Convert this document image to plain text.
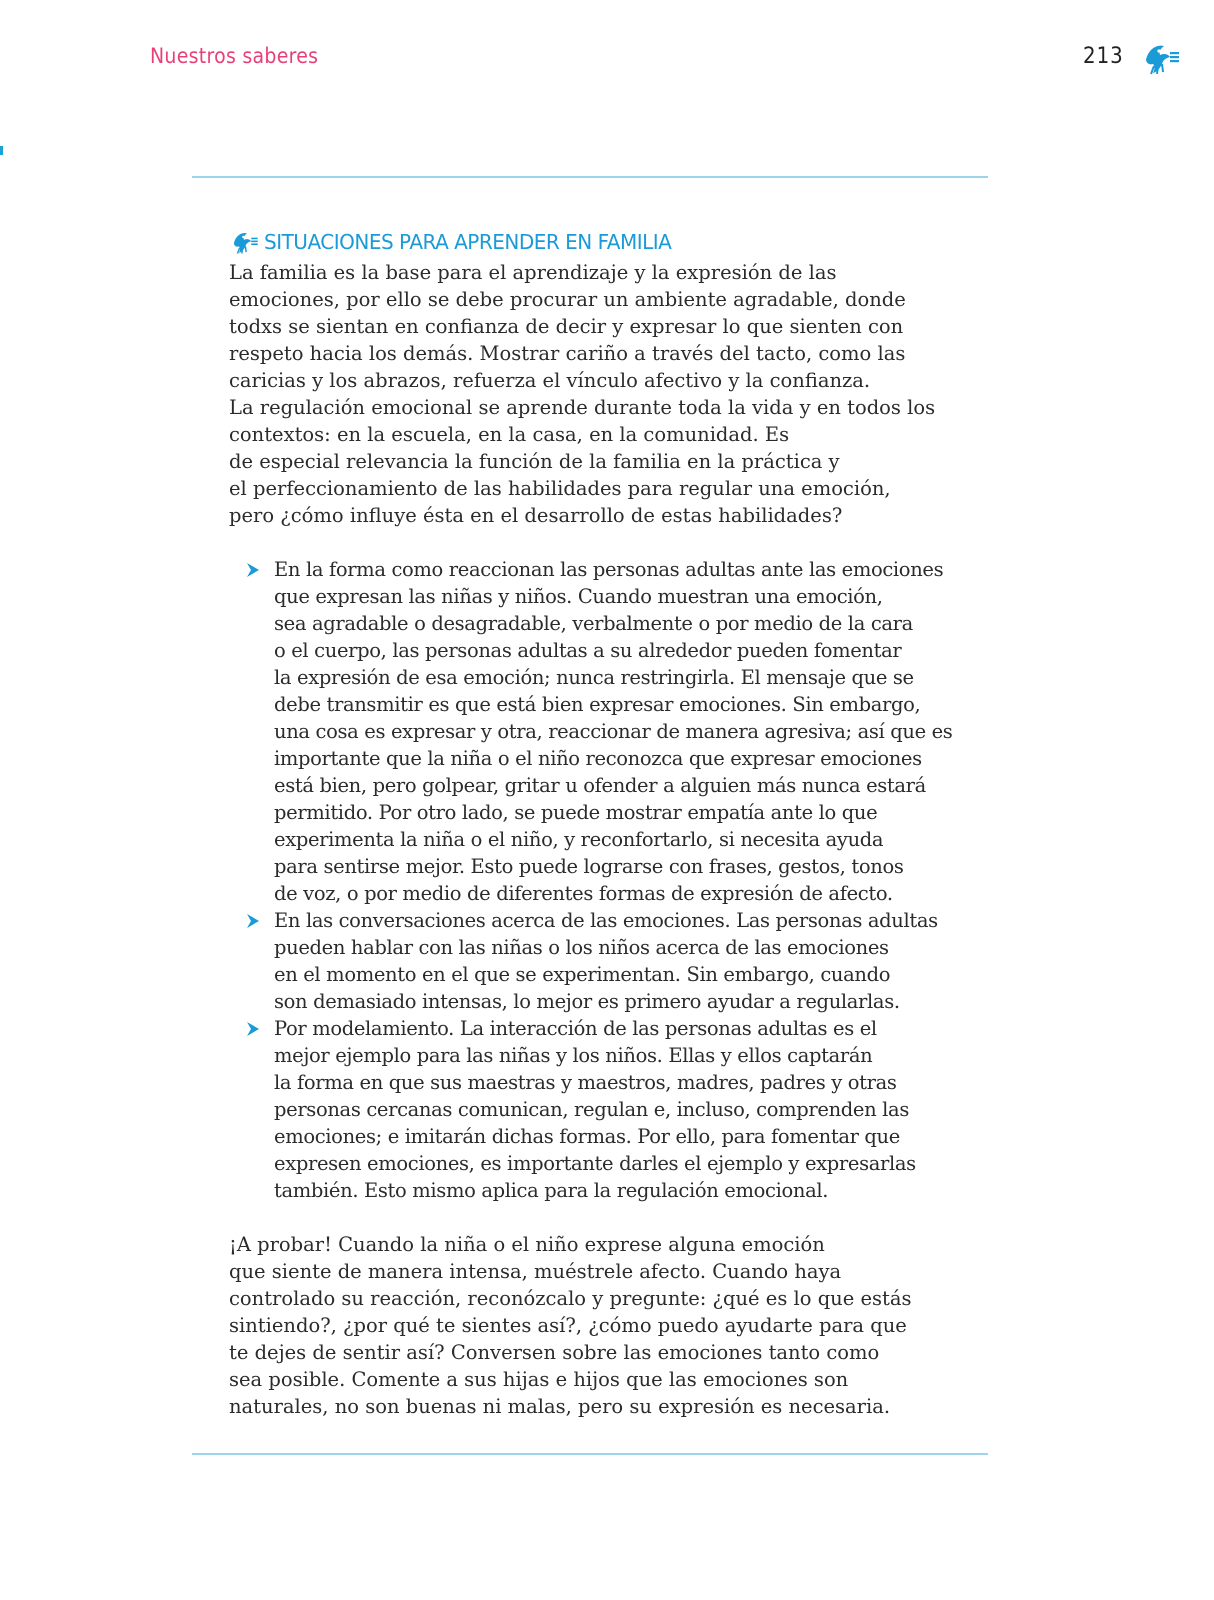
Nuestros saberes	213
SITUACIONES PARA APRENDER EN FAMILIA

La familia es la base para el aprendizaje y la expresión de las
emociones, por ello se debe procurar un ambiente agradable, donde
todxs se sientan en confianza de decir y expresar lo que sienten con
respeto hacia los demás. Mostrar cariño a través del tacto, como las
caricias y los abrazos, refuerza el vínculo afectivo y la confianza.
La regulación emocional se aprende durante toda la vida y en todos los
contextos: en la escuela, en la casa, en la comunidad. Es
de especial relevancia la función de la familia en la práctica y
el perfeccionamiento de las habilidades para regular una emoción,
pero ¿cómo influye ésta en el desarrollo de estas habilidades?

En la forma como reaccionan las personas adultas ante las emociones
que expresan las niñas y niños. Cuando muestran una emoción,
sea agradable o desagradable, verbalmente o por medio de la cara
o el cuerpo, las personas adultas a su alrededor pueden fomentar
la expresión de esa emoción; nunca restringirla. El mensaje que se
debe transmitir es que está bien expresar emociones. Sin embargo,
una cosa es expresar y otra, reaccionar de manera agresiva; así que es
importante que la niña o el niño reconozca que expresar emociones
está bien, pero golpear, gritar u ofender a alguien más nunca estará
permitido. Por otro lado, se puede mostrar empatía ante lo que
experimenta la niña o el niño, y reconfortarlo, si necesita ayuda
para sentirse mejor. Esto puede lograrse con frases, gestos, tonos
de voz, o por medio de diferentes formas de expresión de afecto.
En las conversaciones acerca de las emociones. Las personas adultas
pueden hablar con las niñas o los niños acerca de las emociones
en el momento en el que se experimentan. Sin embargo, cuando
son demasiado intensas, lo mejor es primero ayudar a regularlas.
Por modelamiento. La interacción de las personas adultas es el
mejor ejemplo para las niñas y los niños. Ellas y ellos captarán
la forma en que sus maestras y maestros, madres, padres y otras
personas cercanas comunican, regulan e, incluso, comprenden las
emociones; e imitarán dichas formas. Por ello, para fomentar que
expresen emociones, es importante darles el ejemplo y expresarlas
también. Esto mismo aplica para la regulación emocional.

¡A probar! Cuando la niña o el niño exprese alguna emoción
que siente de manera intensa, muéstrele afecto. Cuando haya
controlado su reacción, reconózcalo y pregunte: ¿qué es lo que estás
sintiendo?, ¿por qué te sientes así?, ¿cómo puedo ayudarte para que
te dejes de sentir así? Conversen sobre las emociones tanto como
sea posible. Comente a sus hijas e hijos que las emociones son
naturales, no son buenas ni malas, pero su expresión es necesaria.
